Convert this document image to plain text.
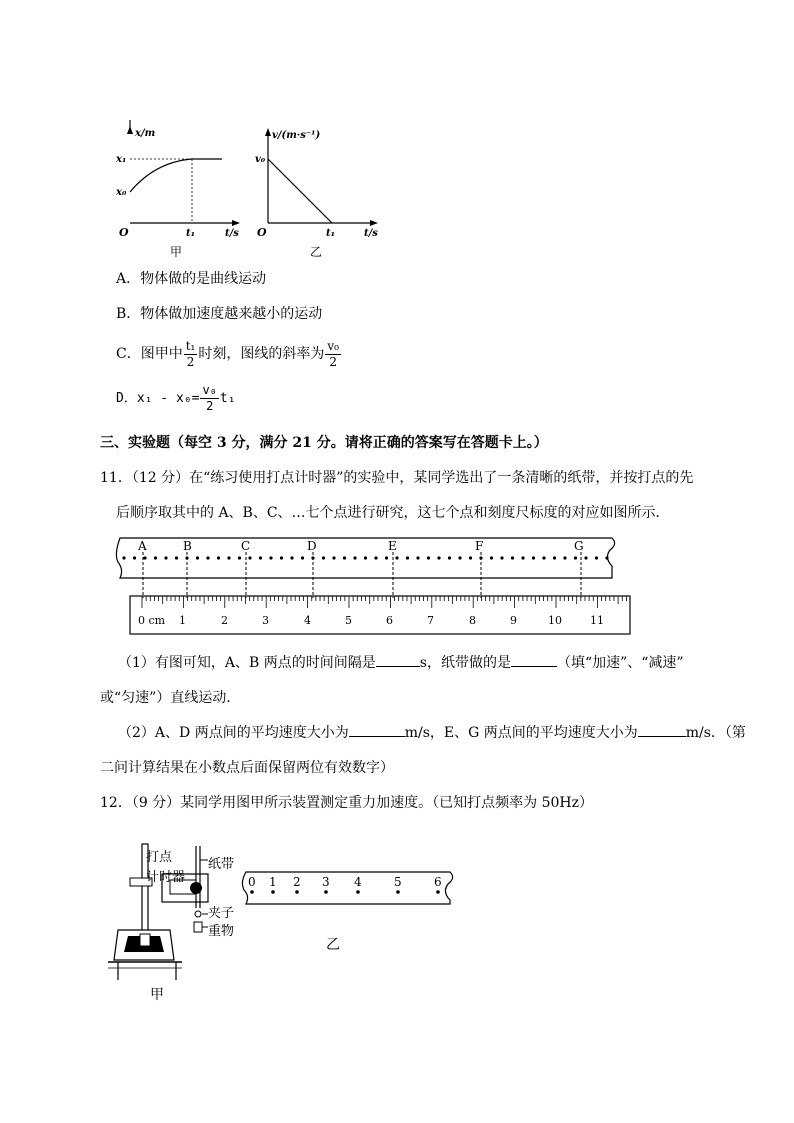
x/m
x₁
x₀
O	t₁	t/s
甲
v/(m·s⁻¹)
v₀
O	t₁	t/s
乙
A．物体做的是曲线运动
B．物体做加速度越来越小的运动
C．图甲中 $\frac{\text{t₁}}{2}$ 时刻，图线的斜率为 $\frac{\text{v₀}}{2}$
D．$x_1 - x_0= \frac{\text{v₀}}{2} t_1$
三、实验题（每空 3 分，满分 21 分。请将正确的答案写在答题卡上。）
11．（12 分）在“练习使用打点计时器”的实验中，某同学选出了一条清晰的纸带，并按打点的先
后顺序取其中的 A、B、C、…七个点进行研究，这七个点和刻度尺标度的对应如图所示．
A	B	C	D	E	F	G
0 cm 1	2	3	4	5	6	7	8	9	10	11
（1）有图可知，A、B 两点的时间间隔是	s，纸带做的是	（填“加速”、“减速”
或“匀速”）直线运动．
（2）A、D 两点间的平均速度大小为	m/s，E、G 两点间的平均速度大小为	m/s．（第
二问计算结果在小数点后面保留两位有效数字）
12．（9 分）某同学用图甲所示装置测定重力加速度。（已知打点频率为 50Hz）
打点
计时器
纸带
夹子
重物
甲
0 1 2 3 4	5	6
乙
